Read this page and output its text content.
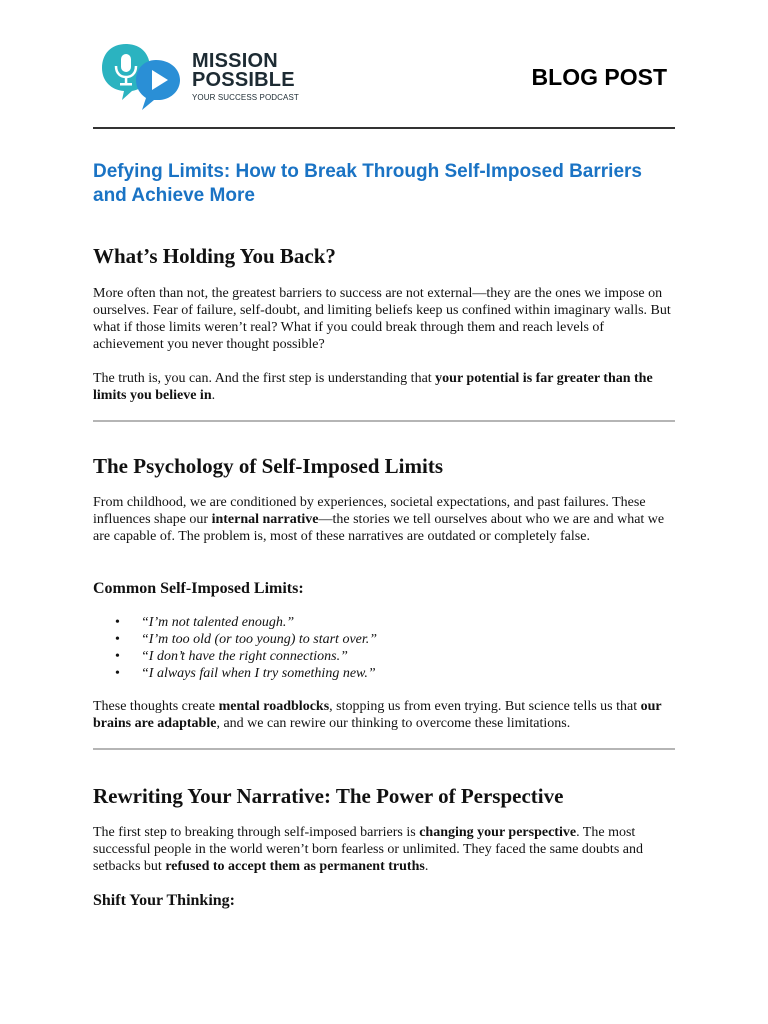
MISSION
POSSIBLE
YOUR SUCCESS PODCAST
BLOG POST
Defying Limits: How to Break Through Self-Imposed Barriers and Achieve More
What’s Holding You Back?

More often than not, the greatest barriers to success are not external—they are the ones we impose on ourselves. Fear of failure, self-doubt, and limiting beliefs keep us confined within imaginary walls. But what if those limits weren’t real? What if you could break through them and reach levels of achievement you never thought possible?

The truth is, you can. And the first step is understanding that your potential is far greater than the limits you believe in.

The Psychology of Self-Imposed Limits

From childhood, we are conditioned by experiences, societal expectations, and past failures. These influences shape our internal narrative—the stories we tell ourselves about who we are and what we are capable of. The problem is, most of these narratives are outdated or completely false.

Common Self-Imposed Limits:
• “I’m not talented enough.”
• “I’m too old (or too young) to start over.”
• “I don’t have the right connections.”
• “I always fail when I try something new.”

These thoughts create mental roadblocks, stopping us from even trying. But science tells us that our brains are adaptable, and we can rewire our thinking to overcome these limitations.

Rewriting Your Narrative: The Power of Perspective

The first step to breaking through self-imposed barriers is changing your perspective. The most successful people in the world weren’t born fearless or unlimited. They faced the same doubts and setbacks but refused to accept them as permanent truths.

Shift Your Thinking:
